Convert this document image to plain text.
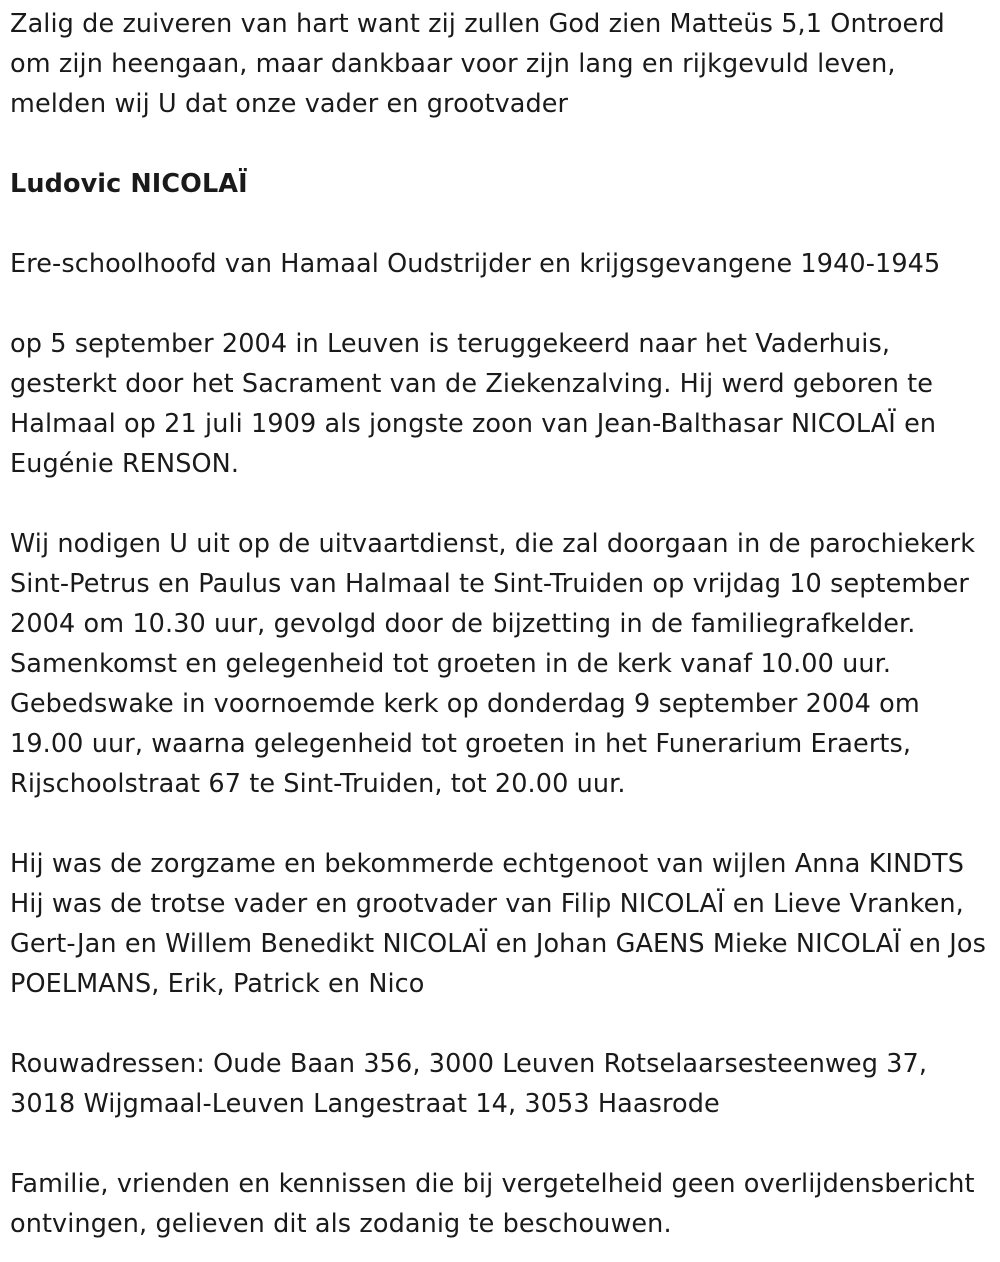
Zalig de zuiveren van hart want zij zullen God zien Matteüs 5,1 Ontroerd om zijn heengaan, maar dankbaar voor zijn lang en rijkgevuld leven, melden wij U dat onze vader en grootvader

Ludovic NICOLAÏ

Ere-schoolhoofd van Hamaal Oudstrijder en krijgsgevangene 1940-1945

op 5 september 2004 in Leuven is teruggekeerd naar het Vaderhuis, gesterkt door het Sacrament van de Ziekenzalving. Hij werd geboren te Halmaal op 21 juli 1909 als jongste zoon van Jean-Balthasar NICOLAÏ en Eugénie RENSON.

Wij nodigen U uit op de uitvaartdienst, die zal doorgaan in de parochiekerk Sint-Petrus en Paulus van Halmaal te Sint-Truiden op vrijdag 10 september 2004 om 10.30 uur, gevolgd door de bijzetting in de familiegrafkelder. Samenkomst en gelegenheid tot groeten in de kerk vanaf 10.00 uur. Gebedswake in voornoemde kerk op donderdag 9 september 2004 om 19.00 uur, waarna gelegenheid tot groeten in het Funerarium Eraerts, Rijschoolstraat 67 te Sint-Truiden, tot 20.00 uur.

Hij was de zorgzame en bekommerde echtgenoot van wijlen Anna KINDTS Hij was de trotse vader en grootvader van Filip NICOLAÏ en Lieve Vranken, Gert-Jan en Willem Benedikt NICOLAÏ en Johan GAENS Mieke NICOLAÏ en Jos POELMANS, Erik, Patrick en Nico

Rouwadressen: Oude Baan 356, 3000 Leuven Rotselaarsesteenweg 37, 3018 Wijgmaal-Leuven Langestraat 14, 3053 Haasrode

Familie, vrienden en kennissen die bij vergetelheid geen overlijdensbericht ontvingen, gelieven dit als zodanig te beschouwen.
